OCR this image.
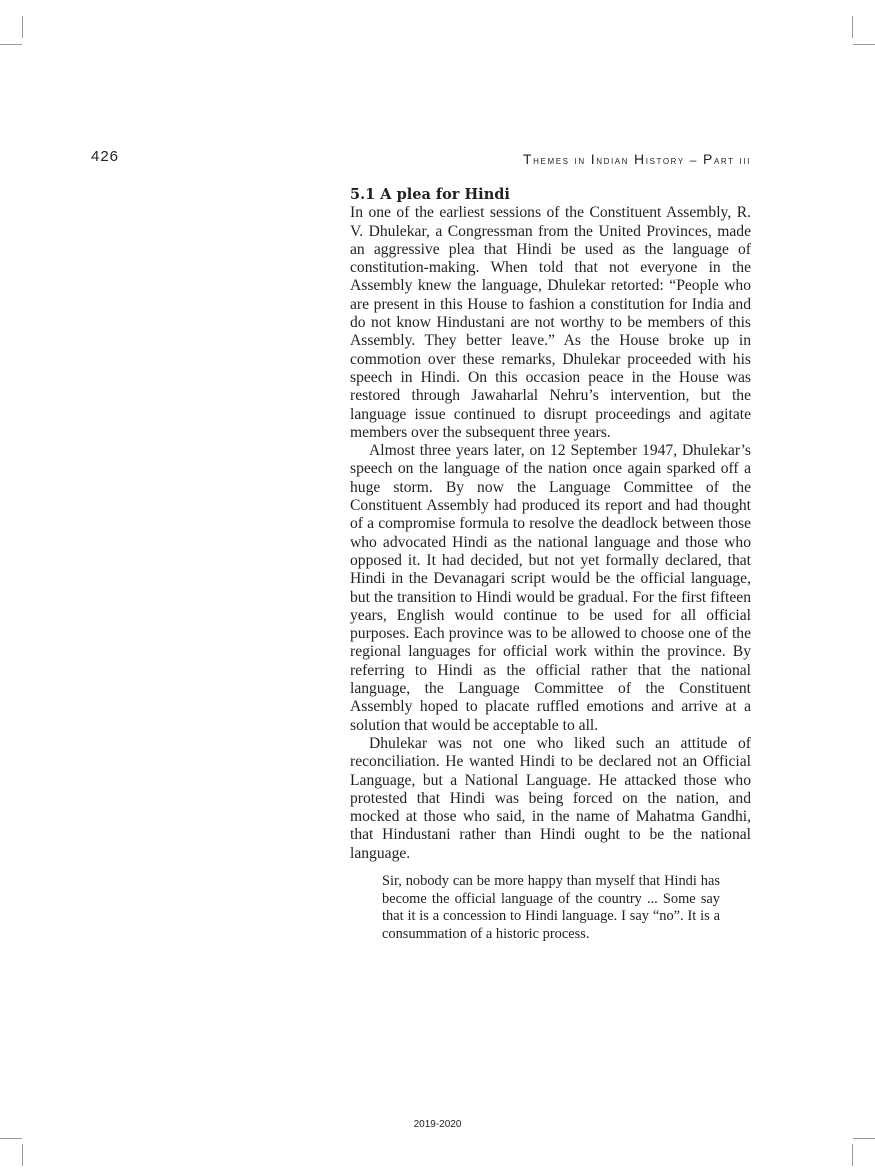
426	Themes in Indian History – Part iii
5.1 A plea for Hindi

In one of the earliest sessions of the Constituent Assembly, R. V. Dhulekar, a Congressman from the United Provinces, made an aggressive plea that Hindi be used as the language of constitution-making. When told that not everyone in the Assembly knew the language, Dhulekar retorted: “People who are present in this House to fashion a constitution for India and do not know Hindustani are not worthy to be members of this Assembly. They better leave.” As the House broke up in commotion over these remarks, Dhulekar proceeded with his speech in Hindi. On this occasion peace in the House was restored through Jawaharlal Nehru’s intervention, but the language issue continued to disrupt proceedings and agitate members over the subsequent three years.

Almost three years later, on 12 September 1947, Dhulekar’s speech on the language of the nation once again sparked off a huge storm. By now the Language Committee of the Constituent Assembly had produced its report and had thought of a compromise formula to resolve the deadlock between those who advocated Hindi as the national language and those who opposed it. It had decided, but not yet formally declared, that Hindi in the Devanagari script would be the official language, but the transition to Hindi would be gradual. For the first fifteen years, English would continue to be used for all official purposes. Each province was to be allowed to choose one of the regional languages for official work within the province. By referring to Hindi as the official rather that the national language, the Language Committee of the Constituent Assembly hoped to placate ruffled emotions and arrive at a solution that would be acceptable to all.

Dhulekar was not one who liked such an attitude of reconciliation. He wanted Hindi to be declared not an Official Language, but a National Language. He attacked those who protested that Hindi was being forced on the nation, and mocked at those who said, in the name of Mahatma Gandhi, that Hindustani rather than Hindi ought to be the national language.

Sir, nobody can be more happy than myself that Hindi has become the official language of the country ... Some say that it is a concession to Hindi language. I say “no”. It is a consummation of a historic process.
2019-2020
